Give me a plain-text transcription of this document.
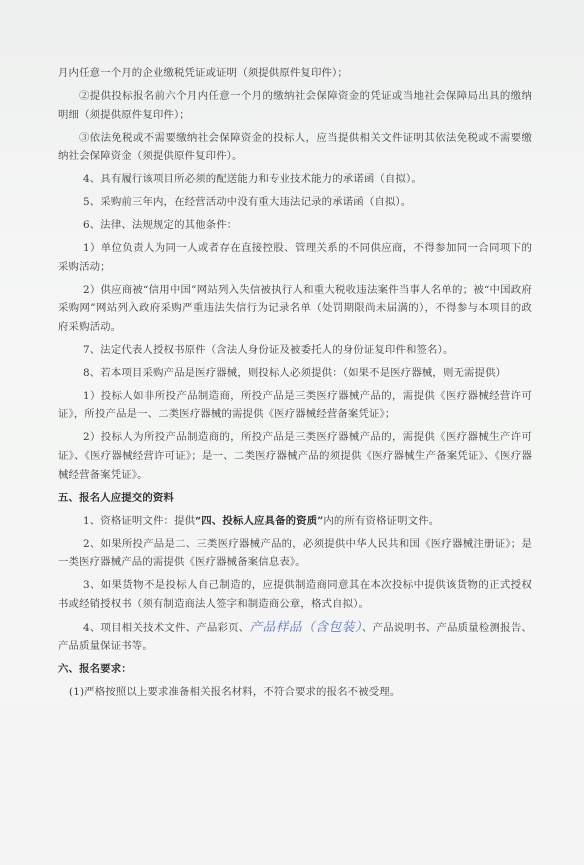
月内任意一个月的企业缴税凭证或证明（须提供原件复印件）；

②提供投标报名前六个月内任意一个月的缴纳社会保障资金的凭证或当地社会保障局出具的缴纳明细（须提供原件复印件）；

③依法免税或不需要缴纳社会保障资金的投标人，应当提供相关文件证明其依法免税或不需要缴纳社会保障资金（须提供原件复印件）。

4、具有履行该项目所必须的配送能力和专业技术能力的承诺函（自拟）。

5、采购前三年内，在经营活动中没有重大违法记录的承诺函（自拟）。

6、法律、法规规定的其他条件：

1）单位负责人为同一人或者存在直接控股、管理关系的不同供应商，不得参加同一合同项下的采购活动；

2）供应商被“信用中国”网站列入失信被执行人和重大税收违法案件当事人名单的；被“中国政府采购网”网站列入政府采购严重违法失信行为记录名单（处罚期限尚未届满的），不得参与本项目的政府采购活动。

7、法定代表人授权书原件（含法人身份证及被委托人的身份证复印件和签名）。

8、若本项目采购产品是医疗器械，则投标人必须提供：（如果不是医疗器械，则无需提供）

1）投标人如非所投产品制造商，所投产品是三类医疗器械产品的，需提供《医疗器械经营许可证》，所投产品是一、二类医疗器械的需提供《医疗器械经营备案凭证》；

2）投标人为所投产品制造商的，所投产品是三类医疗器械产品的，需提供《医疗器械生产许可证》、《医疗器械经营许可证》；是一、二类医疗器械产品的须提供《医疗器械生产备案凭证》、《医疗器械经营备案凭证》。

五、报名人应提交的资料

1、资格证明文件：提供“四、投标人应具备的资质”内的所有资格证明文件。

2、如果所投产品是二、三类医疗器械产品的，必须提供中华人民共和国《医疗器械注册证》；是一类医疗器械产品的需提供《医疗器械备案信息表》。

3、如果货物不是投标人自己制造的，应提供制造商同意其在本次投标中提供该货物的正式授权书或经销授权书（须有制造商法人签字和制造商公章，格式自拟）。

4、项目相关技术文件、产品彩页、产品样品（含包装）、产品说明书、产品质量检测报告、产品质量保证书等。

六、报名要求：

(1)严格按照以上要求准备相关报名材料，不符合要求的报名不被受理。
